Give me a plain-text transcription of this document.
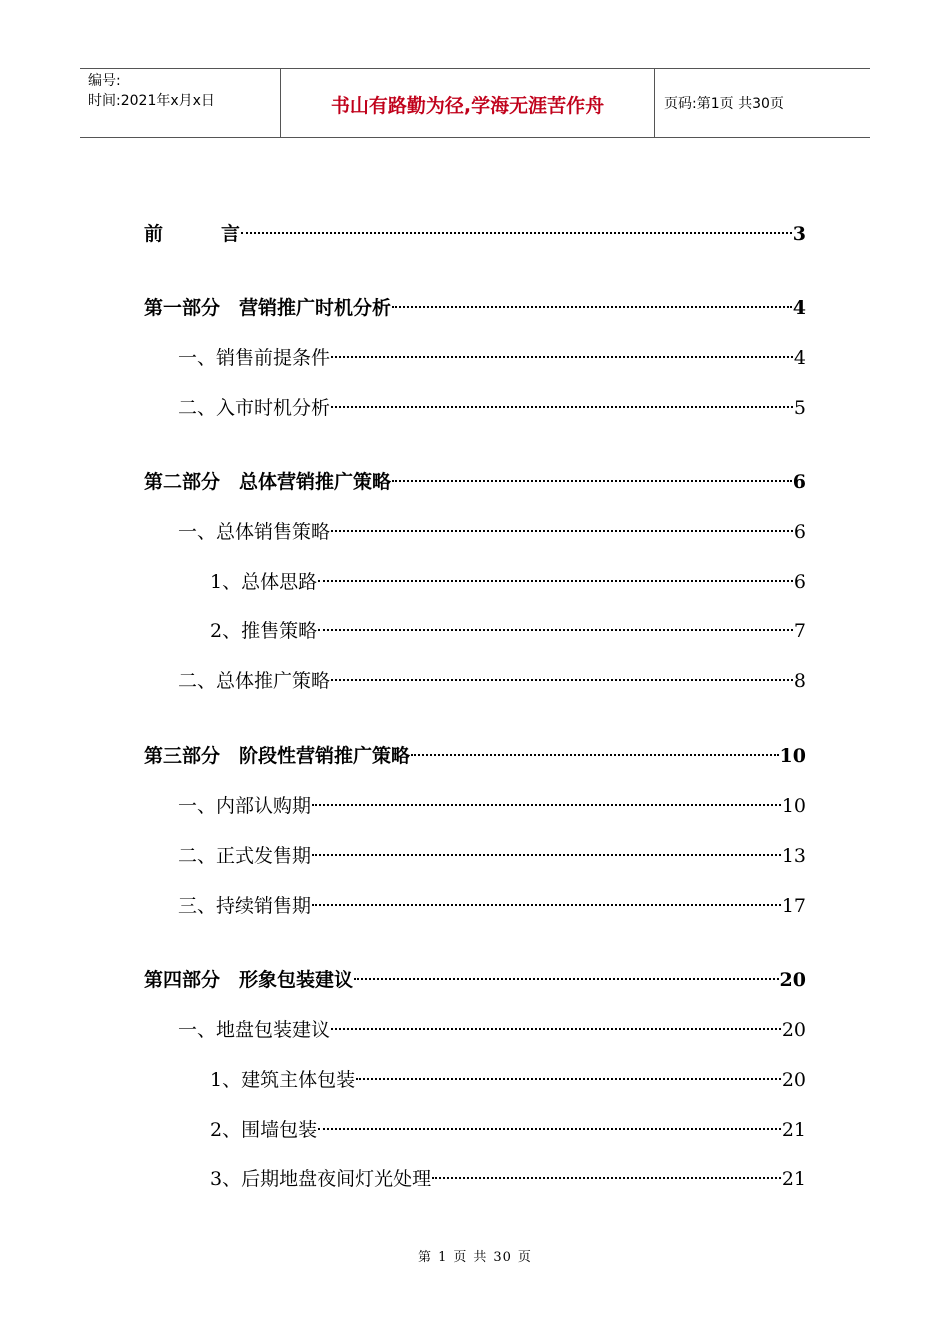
编号:
时间:2021年x月x日	书山有路勤为径,学海无涯苦作舟	页码:第1页 共30页
前	言	3
第一部分　营销推广时机分析	4
一、销售前提条件	4
二、入市时机分析	5
第二部分　总体营销推广策略	6
一、总体销售策略	6
1、总体思路	6
2、推售策略	7
二、总体推广策略	8
第三部分　阶段性营销推广策略	10
一、内部认购期	10
二、正式发售期	13
三、持续销售期	17
第四部分　形象包装建议	20
一、地盘包装建议	20
1、建筑主体包装	20
2、围墙包装	21
3、后期地盘夜间灯光处理	21
第 1 页 共 30 页
